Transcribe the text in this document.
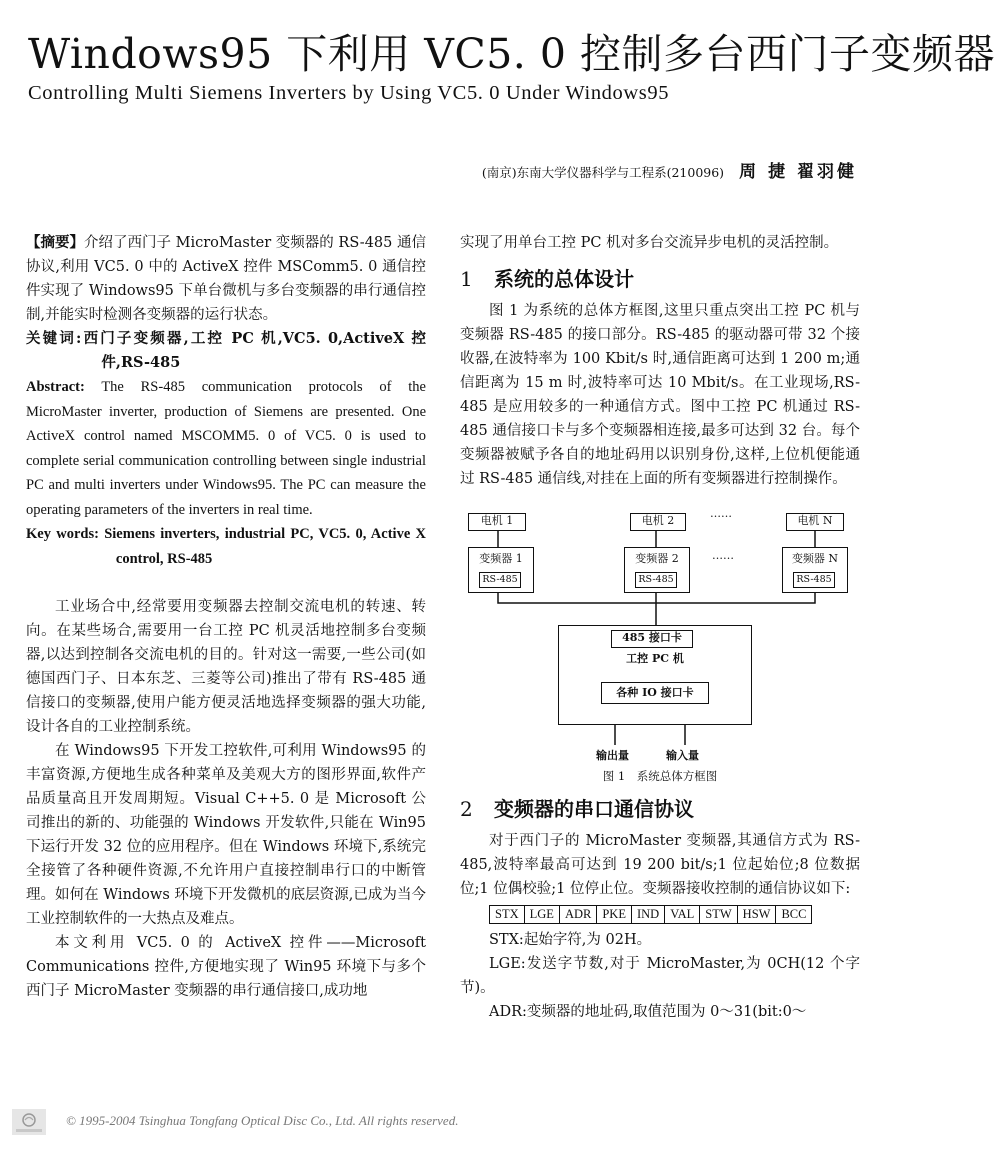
Windows95 下利用 VC5. 0 控制多台西门子变频器
Controlling Multi Siemens Inverters by Using VC5. 0 Under Windows95
(南京)东南大学仪器科学与工程系(210096) 周 捷 翟羽健

【摘要】介绍了西门子 MicroMaster 变频器的 RS-485 通信协议,利用 VC5. 0 中的 ActiveX 控件 MSComm5. 0 通信控件实现了 Windows95 下单台微机与多台变频器的串行通信控制,并能实时检测各变频器的运行状态。

关键词:西门子变频器,工控 PC 机,VC5. 0,ActiveX 控件,RS-485

Abstract: The RS-485 communication protocols of the MicroMaster inverter, production of Siemens are presented. One ActiveX control named MSCOMM5. 0 of VC5. 0 is used to complete serial communication controlling between single industrial PC and multi inverters under Windows95. The PC can measure the operating parameters of the inverters in real time.

Key words: Siemens inverters, industrial PC, VC5. 0, Active X control, RS-485

工业场合中,经常要用变频器去控制交流电机的转速、转向。在某些场合,需要用一台工控 PC 机灵活地控制多台变频器,以达到控制各交流电机的目的。针对这一需要,一些公司(如德国西门子、日本东芝、三菱等公司)推出了带有 RS-485 通信接口的变频器,使用户能方便灵活地选择变频器的强大功能,设计各自的工业控制系统。

在 Windows95 下开发工控软件,可利用 Windows95 的丰富资源,方便地生成各种菜单及美观大方的图形界面,软件产品质量高且开发周期短。Visual C++5. 0 是 Microsoft 公司推出的新的、功能强的 Windows 开发软件,只能在 Win95 下运行开发 32 位的应用程序。但在 Windows 环境下,系统完全接管了各种硬件资源,不允许用户直接控制串行口的中断管理。如何在 Windows 环境下开发微机的底层资源,已成为当今工业控制软件的一大热点及难点。

本文利用 VC5. 0 的 ActiveX 控件——Microsoft Communications 控件,方便地实现了 Win95 环境下与多个西门子 MicroMaster 变频器的串行通信接口,成功地

实现了用单台工控 PC 机对多台交流异步电机的灵活控制。

1 系统的总体设计

图 1 为系统的总体方框图,这里只重点突出工控 PC 机与变频器 RS-485 的接口部分。RS-485 的驱动器可带 32 个接收器,在波特率为 100 Kbit/s 时,通信距离可达到 1 200 m;通信距离为 15 m 时,波特率可达 10 Mbit/s。在工业现场,RS-485 是应用较多的一种通信方式。图中工控 PC 机通过 RS-485 通信接口卡与多个变频器相连接,最多可达到 32 台。每个变频器被赋予各自的地址码用以识别身份,这样,上位机便能通过 RS-485 通信线,对挂在上面的所有变频器进行控制操作。

电机 1	电机 2	电机 N
……
变频器 1
RS-485
变频器 2
RS-485
……	变频器 N
RS-485
485 接口卡
工控 PC 机
各种 IO 接口卡
输出量	输入量
图 1　系统总体方框图
2 变频器的串口通信协议

对于西门子的 MicroMaster 变频器,其通信方式为 RS-485,波特率最高可达到 19 200 bit/s;1 位起始位;8 位数据位;1 位偶校验;1 位停止位。变频器接收控制的通信协议如下:

STX	LGE	ADR	PKE	IND	VAL	STW	HSW	BCC

STX:起始字符,为 02H。

LGE:发送字节数,对于 MicroMaster,为 0CH(12 个字节)。

ADR:变频器的地址码,取值范围为 0～31(bit:0～

© 1995-2004 Tsinghua Tongfang Optical Disc Co., Ltd. All rights reserved.
